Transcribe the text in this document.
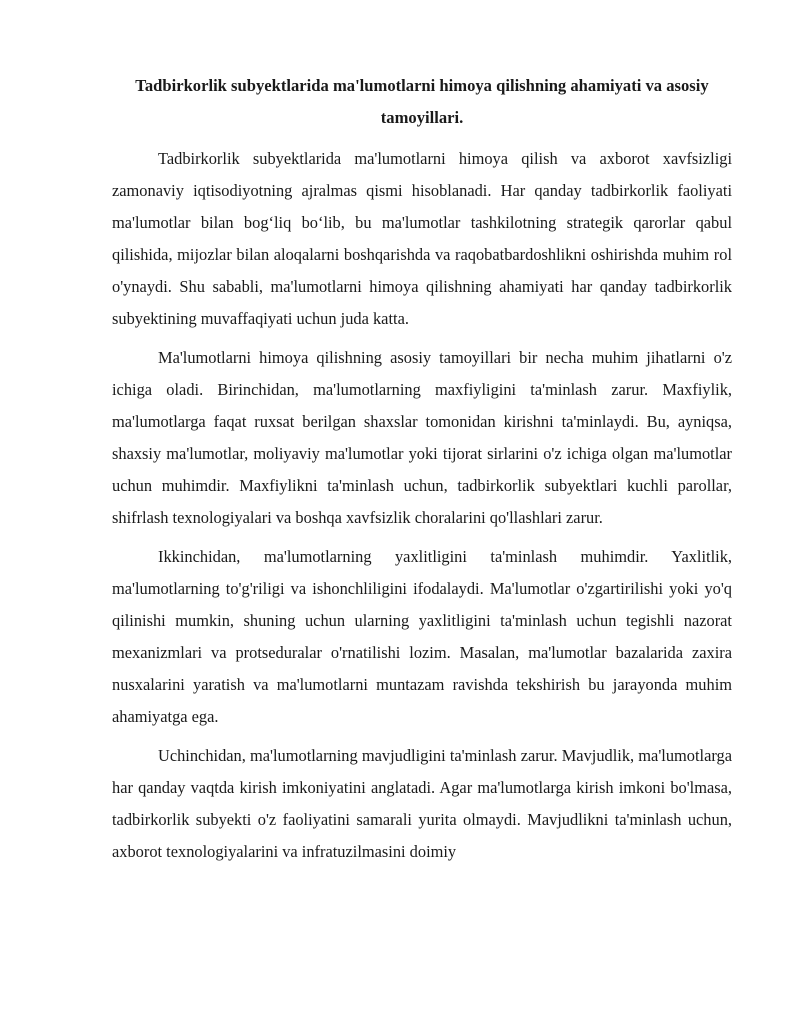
Tadbirkorlik subyektlarida ma'lumotlarni himoya qilishning ahamiyati va asosiy tamoyillari.

Tadbirkorlik subyektlarida ma'lumotlarni himoya qilish va axborot xavfsizligi zamonaviy iqtisodiyotning ajralmas qismi hisoblanadi. Har qanday tadbirkorlik faoliyati ma'lumotlar bilan bog‘liq bo‘lib, bu ma'lumotlar tashkilotning strategik qarorlar qabul qilishida, mijozlar bilan aloqalarni boshqarishda va raqobatbardoshlikni oshirishda muhim rol o'ynaydi. Shu sababli, ma'lumotlarni himoya qilishning ahamiyati har qanday tadbirkorlik subyektining muvaffaqiyati uchun juda katta.

Ma'lumotlarni himoya qilishning asosiy tamoyillari bir necha muhim jihatlarni o'z ichiga oladi. Birinchidan, ma'lumotlarning maxfiyligini ta'minlash zarur. Maxfiylik, ma'lumotlarga faqat ruxsat berilgan shaxslar tomonidan kirishni ta'minlaydi. Bu, ayniqsa, shaxsiy ma'lumotlar, moliyaviy ma'lumotlar yoki tijorat sirlarini o'z ichiga olgan ma'lumotlar uchun muhimdir. Maxfiylikni ta'minlash uchun, tadbirkorlik subyektlari kuchli parollar, shifrlash texnologiyalari va boshqa xavfsizlik choralarini qo'llashlari zarur.

Ikkinchidan, ma'lumotlarning yaxlitligini ta'minlash muhimdir. Yaxlitlik, ma'lumotlarning to'g'riligi va ishonchliligini ifodalaydi. Ma'lumotlar o'zgartirilishi yoki yo'q qilinishi mumkin, shuning uchun ularning yaxlitligini ta'minlash uchun tegishli nazorat mexanizmlari va protseduralar o'rnatilishi lozim. Masalan, ma'lumotlar bazalarida zaxira nusxalarini yaratish va ma'lumotlarni muntazam ravishda tekshirish bu jarayonda muhim ahamiyatga ega.

Uchinchidan, ma'lumotlarning mavjudligini ta'minlash zarur. Mavjudlik, ma'lumotlarga har qanday vaqtda kirish imkoniyatini anglatadi. Agar ma'lumotlarga kirish imkoni bo'lmasa, tadbirkorlik subyekti o'z faoliyatini samarali yurita olmaydi. Mavjudlikni ta'minlash uchun, axborot texnologiyalarini va infratuzilmasini doimiy
